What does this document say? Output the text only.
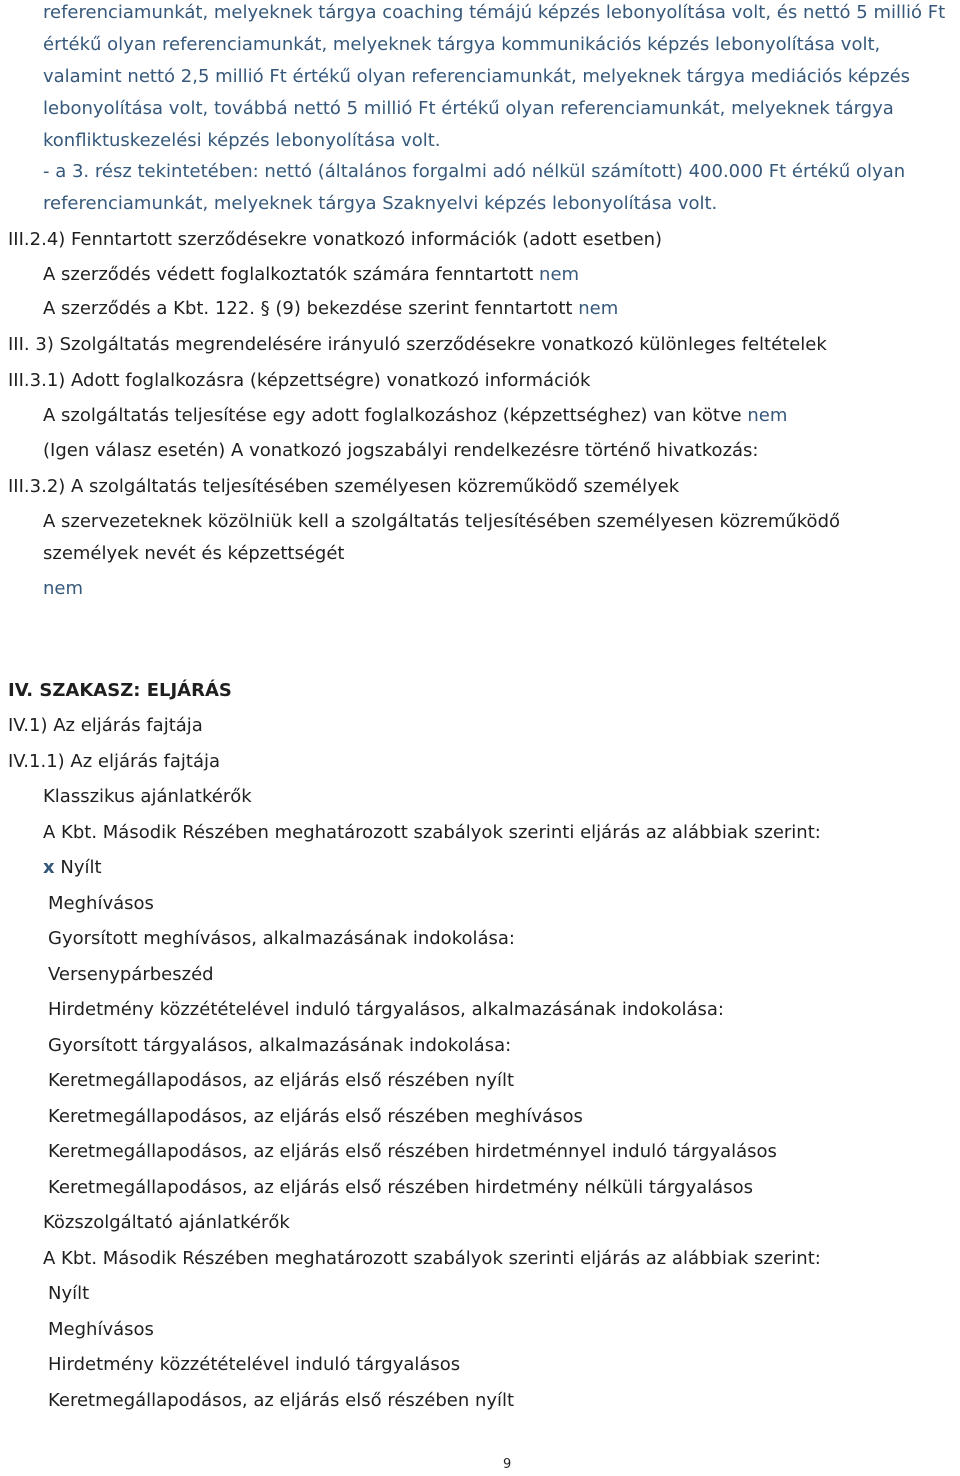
referenciamunkát, melyeknek tárgya coaching témájú képzés lebonyolítása volt, és nettó 5 millió Ft
értékű olyan referenciamunkát, melyeknek tárgya kommunikációs képzés lebonyolítása volt,
valamint nettó 2,5 millió Ft értékű olyan referenciamunkát, melyeknek tárgya mediációs képzés
lebonyolítása volt, továbbá nettó 5 millió Ft értékű olyan referenciamunkát, melyeknek tárgya
konfliktuskezelési képzés lebonyolítása volt.
- a 3. rész tekintetében: nettó (általános forgalmi adó nélkül számított) 400.000 Ft értékű olyan
referenciamunkát, melyeknek tárgya Szaknyelvi képzés lebonyolítása volt.
III.2.4) Fenntartott szerződésekre vonatkozó információk (adott esetben)
A szerződés védett foglalkoztatók számára fenntartott nem
A szerződés a Kbt. 122. § (9) bekezdése szerint fenntartott nem
III. 3) Szolgáltatás megrendelésére irányuló szerződésekre vonatkozó különleges feltételek
III.3.1) Adott foglalkozásra (képzettségre) vonatkozó információk
A szolgáltatás teljesítése egy adott foglalkozáshoz (képzettséghez) van kötve nem
(Igen válasz esetén) A vonatkozó jogszabályi rendelkezésre történő hivatkozás:
III.3.2) A szolgáltatás teljesítésében személyesen közreműködő személyek
A szervezeteknek közölniük kell a szolgáltatás teljesítésében személyesen közreműködő
személyek nevét és képzettségét
nem
IV. SZAKASZ: ELJÁRÁS
IV.1) Az eljárás fajtája
IV.1.1) Az eljárás fajtája
Klasszikus ajánlatkérők
A Kbt. Második Részében meghatározott szabályok szerinti eljárás az alábbiak szerint:
x Nyílt
Meghívásos
Gyorsított meghívásos, alkalmazásának indokolása:
Versenypárbeszéd
Hirdetmény közzétételével induló tárgyalásos, alkalmazásának indokolása:
Gyorsított tárgyalásos, alkalmazásának indokolása:
Keretmegállapodásos, az eljárás első részében nyílt
Keretmegállapodásos, az eljárás első részében meghívásos
Keretmegállapodásos, az eljárás első részében hirdetménnyel induló tárgyalásos
Keretmegállapodásos, az eljárás első részében hirdetmény nélküli tárgyalásos
Közszolgáltató ajánlatkérők
A Kbt. Második Részében meghatározott szabályok szerinti eljárás az alábbiak szerint:
Nyílt
Meghívásos
Hirdetmény közzétételével induló tárgyalásos
Keretmegállapodásos, az eljárás első részében nyílt
9
